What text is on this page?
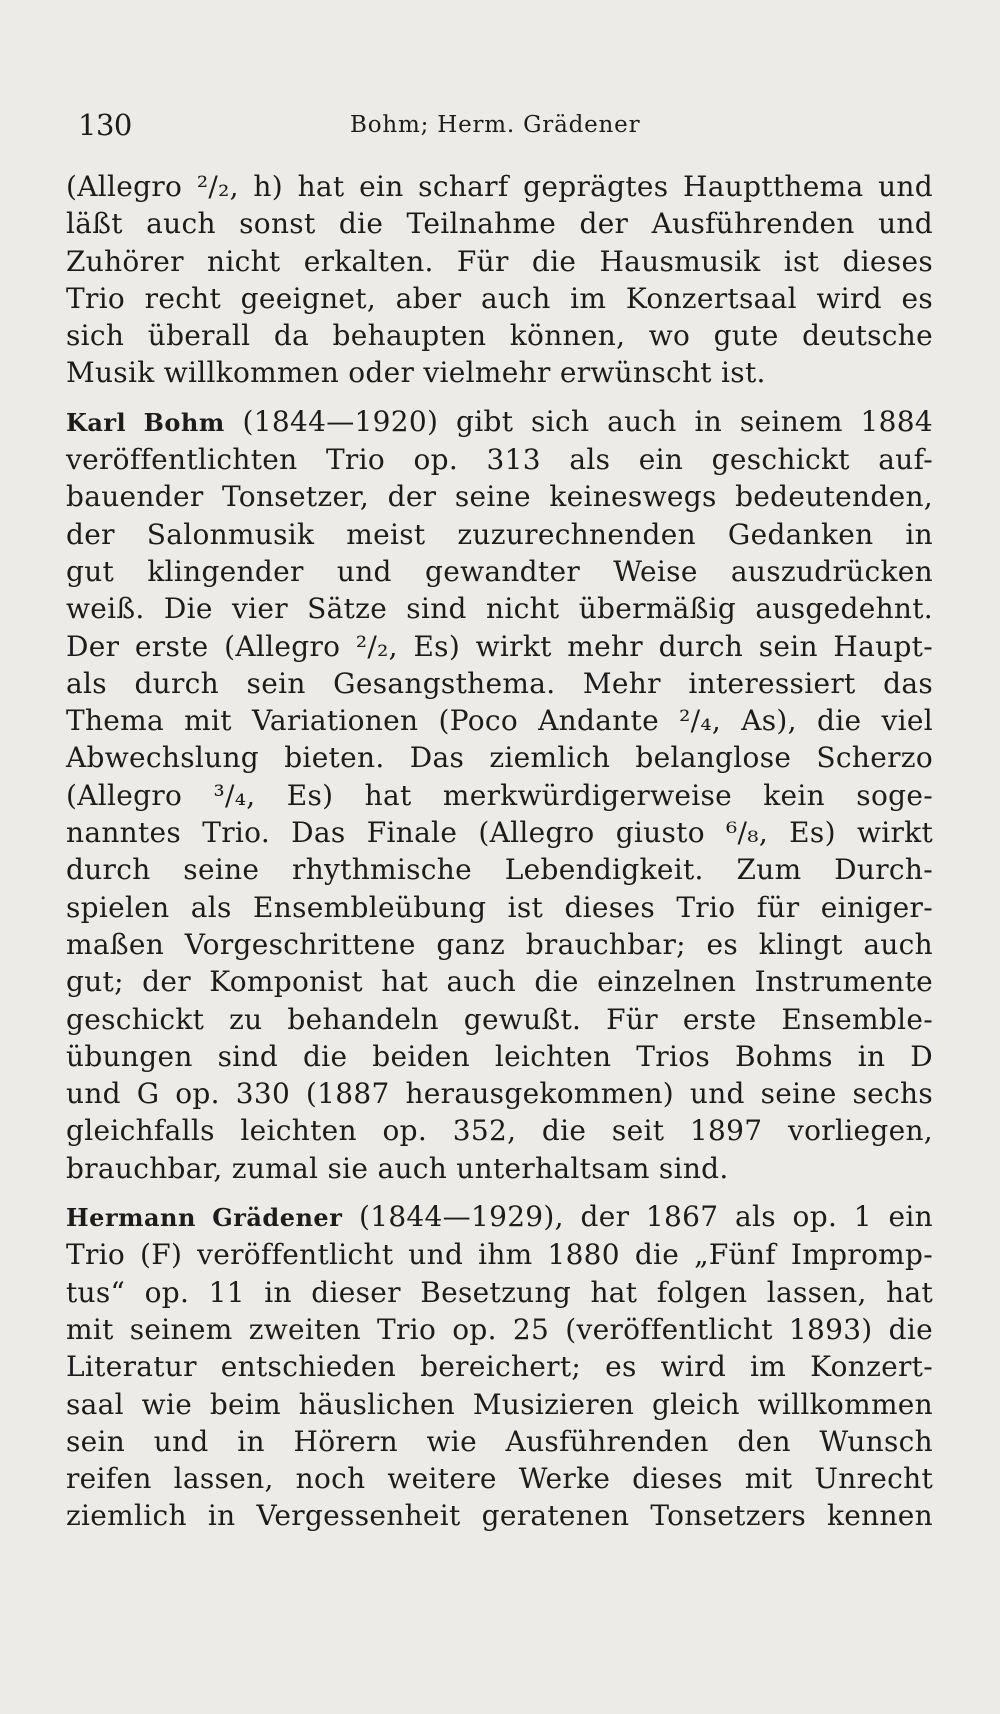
130	Bohm; Herm. Grädener

(Allegro ²/₂, h) hat ein scharf geprägtes Hauptthema und
läßt auch sonst die Teilnahme der Ausführenden und
Zuhörer nicht erkalten. Für die Hausmusik ist dieses
Trio recht geeignet, aber auch im Konzertsaal wird es
sich überall da behaupten können, wo gute deutsche
Musik willkommen oder vielmehr erwünscht ist.

Karl Bohm (1844—1920) gibt sich auch in seinem 1884
veröffentlichten Trio op. 313 als ein geschickt auf-
bauender Tonsetzer, der seine keineswegs bedeutenden,
der Salonmusik meist zuzurechnenden Gedanken in
gut klingender und gewandter Weise auszudrücken
weiß. Die vier Sätze sind nicht übermäßig ausgedehnt.
Der erste (Allegro ²/₂, Es) wirkt mehr durch sein Haupt-
als durch sein Gesangsthema. Mehr interessiert das
Thema mit Variationen (Poco Andante ²/₄, As), die viel
Abwechslung bieten. Das ziemlich belanglose Scherzo
(Allegro ³/₄, Es) hat merkwürdigerweise kein soge-
nanntes Trio. Das Finale (Allegro giusto ⁶/₈, Es) wirkt
durch seine rhythmische Lebendigkeit. Zum Durch-
spielen als Ensembleübung ist dieses Trio für einiger-
maßen Vorgeschrittene ganz brauchbar; es klingt auch
gut; der Komponist hat auch die einzelnen Instrumente
geschickt zu behandeln gewußt. Für erste Ensemble-
übungen sind die beiden leichten Trios Bohms in D
und G op. 330 (1887 herausgekommen) und seine sechs
gleichfalls leichten op. 352, die seit 1897 vorliegen,
brauchbar, zumal sie auch unterhaltsam sind.

Hermann Grädener (1844—1929), der 1867 als op. 1 ein
Trio (F) veröffentlicht und ihm 1880 die „Fünf Impromp-
tus“ op. 11 in dieser Besetzung hat folgen lassen, hat
mit seinem zweiten Trio op. 25 (veröffentlicht 1893) die
Literatur entschieden bereichert; es wird im Konzert-
saal wie beim häuslichen Musizieren gleich willkommen
sein und in Hörern wie Ausführenden den Wunsch
reifen lassen, noch weitere Werke dieses mit Unrecht
ziemlich in Vergessenheit geratenen Tonsetzers kennen
